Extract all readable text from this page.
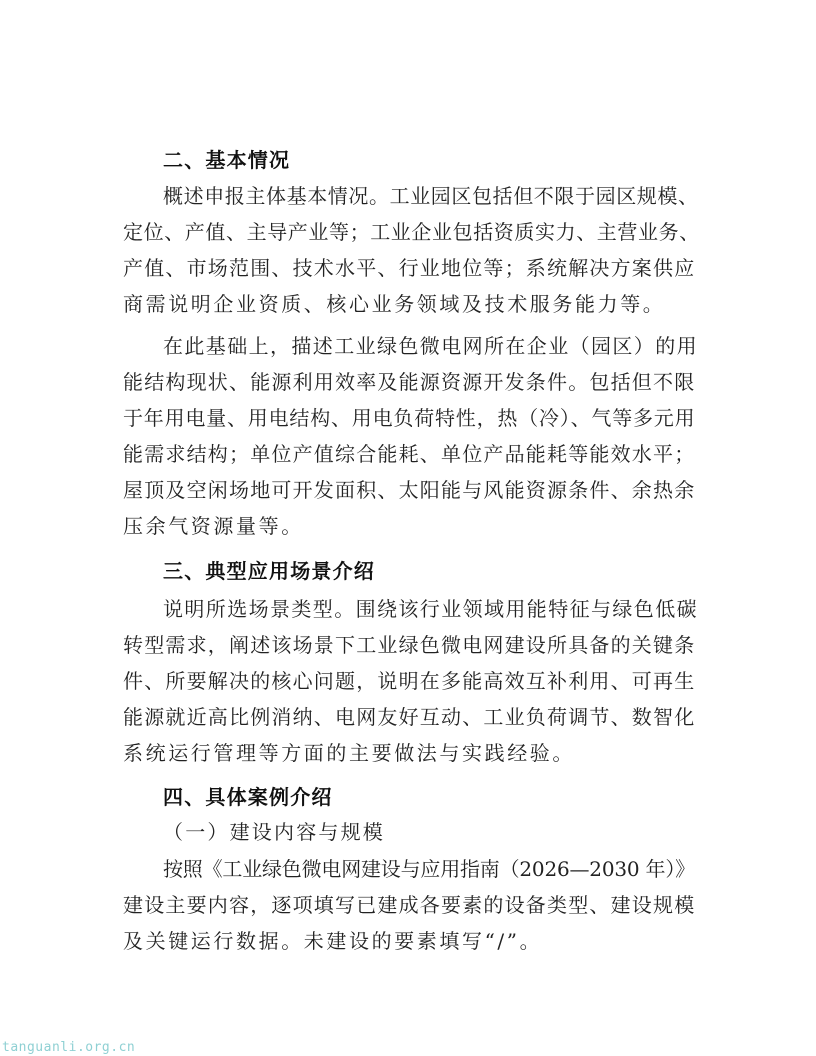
二、基本情况
概述申报主体基本情况。工业园区包括但不限于园区规模、
定位、产值、主导产业等；工业企业包括资质实力、主营业务、
产值、市场范围、技术水平、行业地位等；系统解决方案供应
商需说明企业资质、核心业务领域及技术服务能力等。
在此基础上，描述工业绿色微电网所在企业（园区）的用
能结构现状、能源利用效率及能源资源开发条件。包括但不限
于年用电量、用电结构、用电负荷特性，热（冷）、气等多元用
能需求结构；单位产值综合能耗、单位产品能耗等能效水平；
屋顶及空闲场地可开发面积、太阳能与风能资源条件、余热余
压余气资源量等。
三、典型应用场景介绍
说明所选场景类型。围绕该行业领域用能特征与绿色低碳
转型需求，阐述该场景下工业绿色微电网建设所具备的关键条
件、所要解决的核心问题，说明在多能高效互补利用、可再生
能源就近高比例消纳、电网友好互动、工业负荷调节、数智化
系统运行管理等方面的主要做法与实践经验。
四、具体案例介绍
（一）建设内容与规模
按照《工业绿色微电网建设与应用指南（2026—2030 年）》
建设主要内容，逐项填写已建成各要素的设备类型、建设规模
及关键运行数据。未建设的要素填写“/”。
tanguanli.org.cn
